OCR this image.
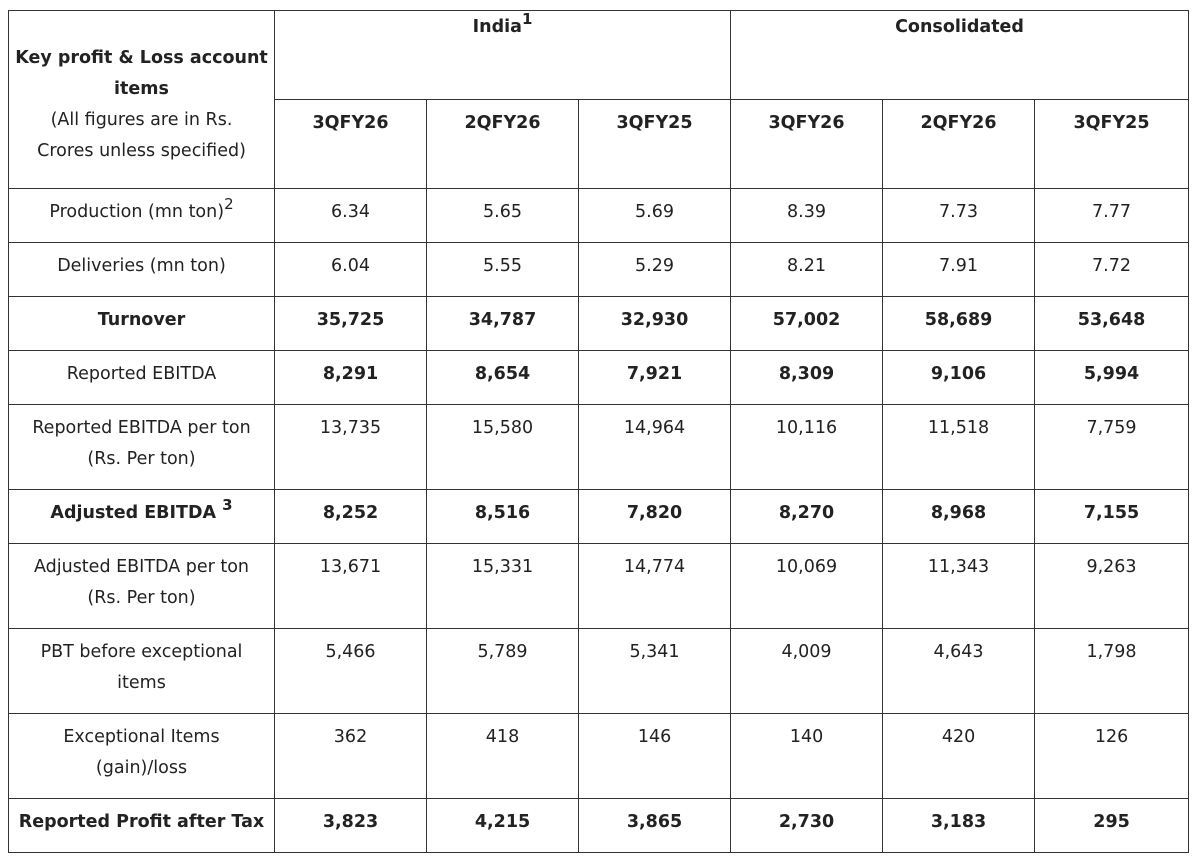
Key profit & Loss account
items
(All figures are in Rs.
Crores unless specified)	India$^1$			Consolidated		
	3QFY26	2QFY26	3QFY25	3QFY26	2QFY26	3QFY25
Production (mn ton)$^2$	6.34	5.65	5.69	8.39	7.73	7.77
Deliveries (mn ton)	6.04	5.55	5.29	8.21	7.91	7.72
Turnover	35,725	34,787	32,930	57,002	58,689	53,648
Reported EBITDA	8,291	8,654	7,921	8,309	9,106	5,994

Reported EBITDA per ton
(Rs. Per ton)	13,735	15,580	14,964	10,116	11,518	7,759
Adjusted EBITDA $^3$	8,252	8,516	7,820	8,270	8,968	7,155

Adjusted EBITDA per ton
(Rs. Per ton)	13,671	15,331	14,774	10,069	11,343	9,263

PBT before exceptional
items	5,466	5,789	5,341	4,009	4,643	1,798

Exceptional Items
(gain)/loss	362	418	146	140	420	126
Reported Profit after Tax	3,823	4,215	3,865	2,730	3,183	295
